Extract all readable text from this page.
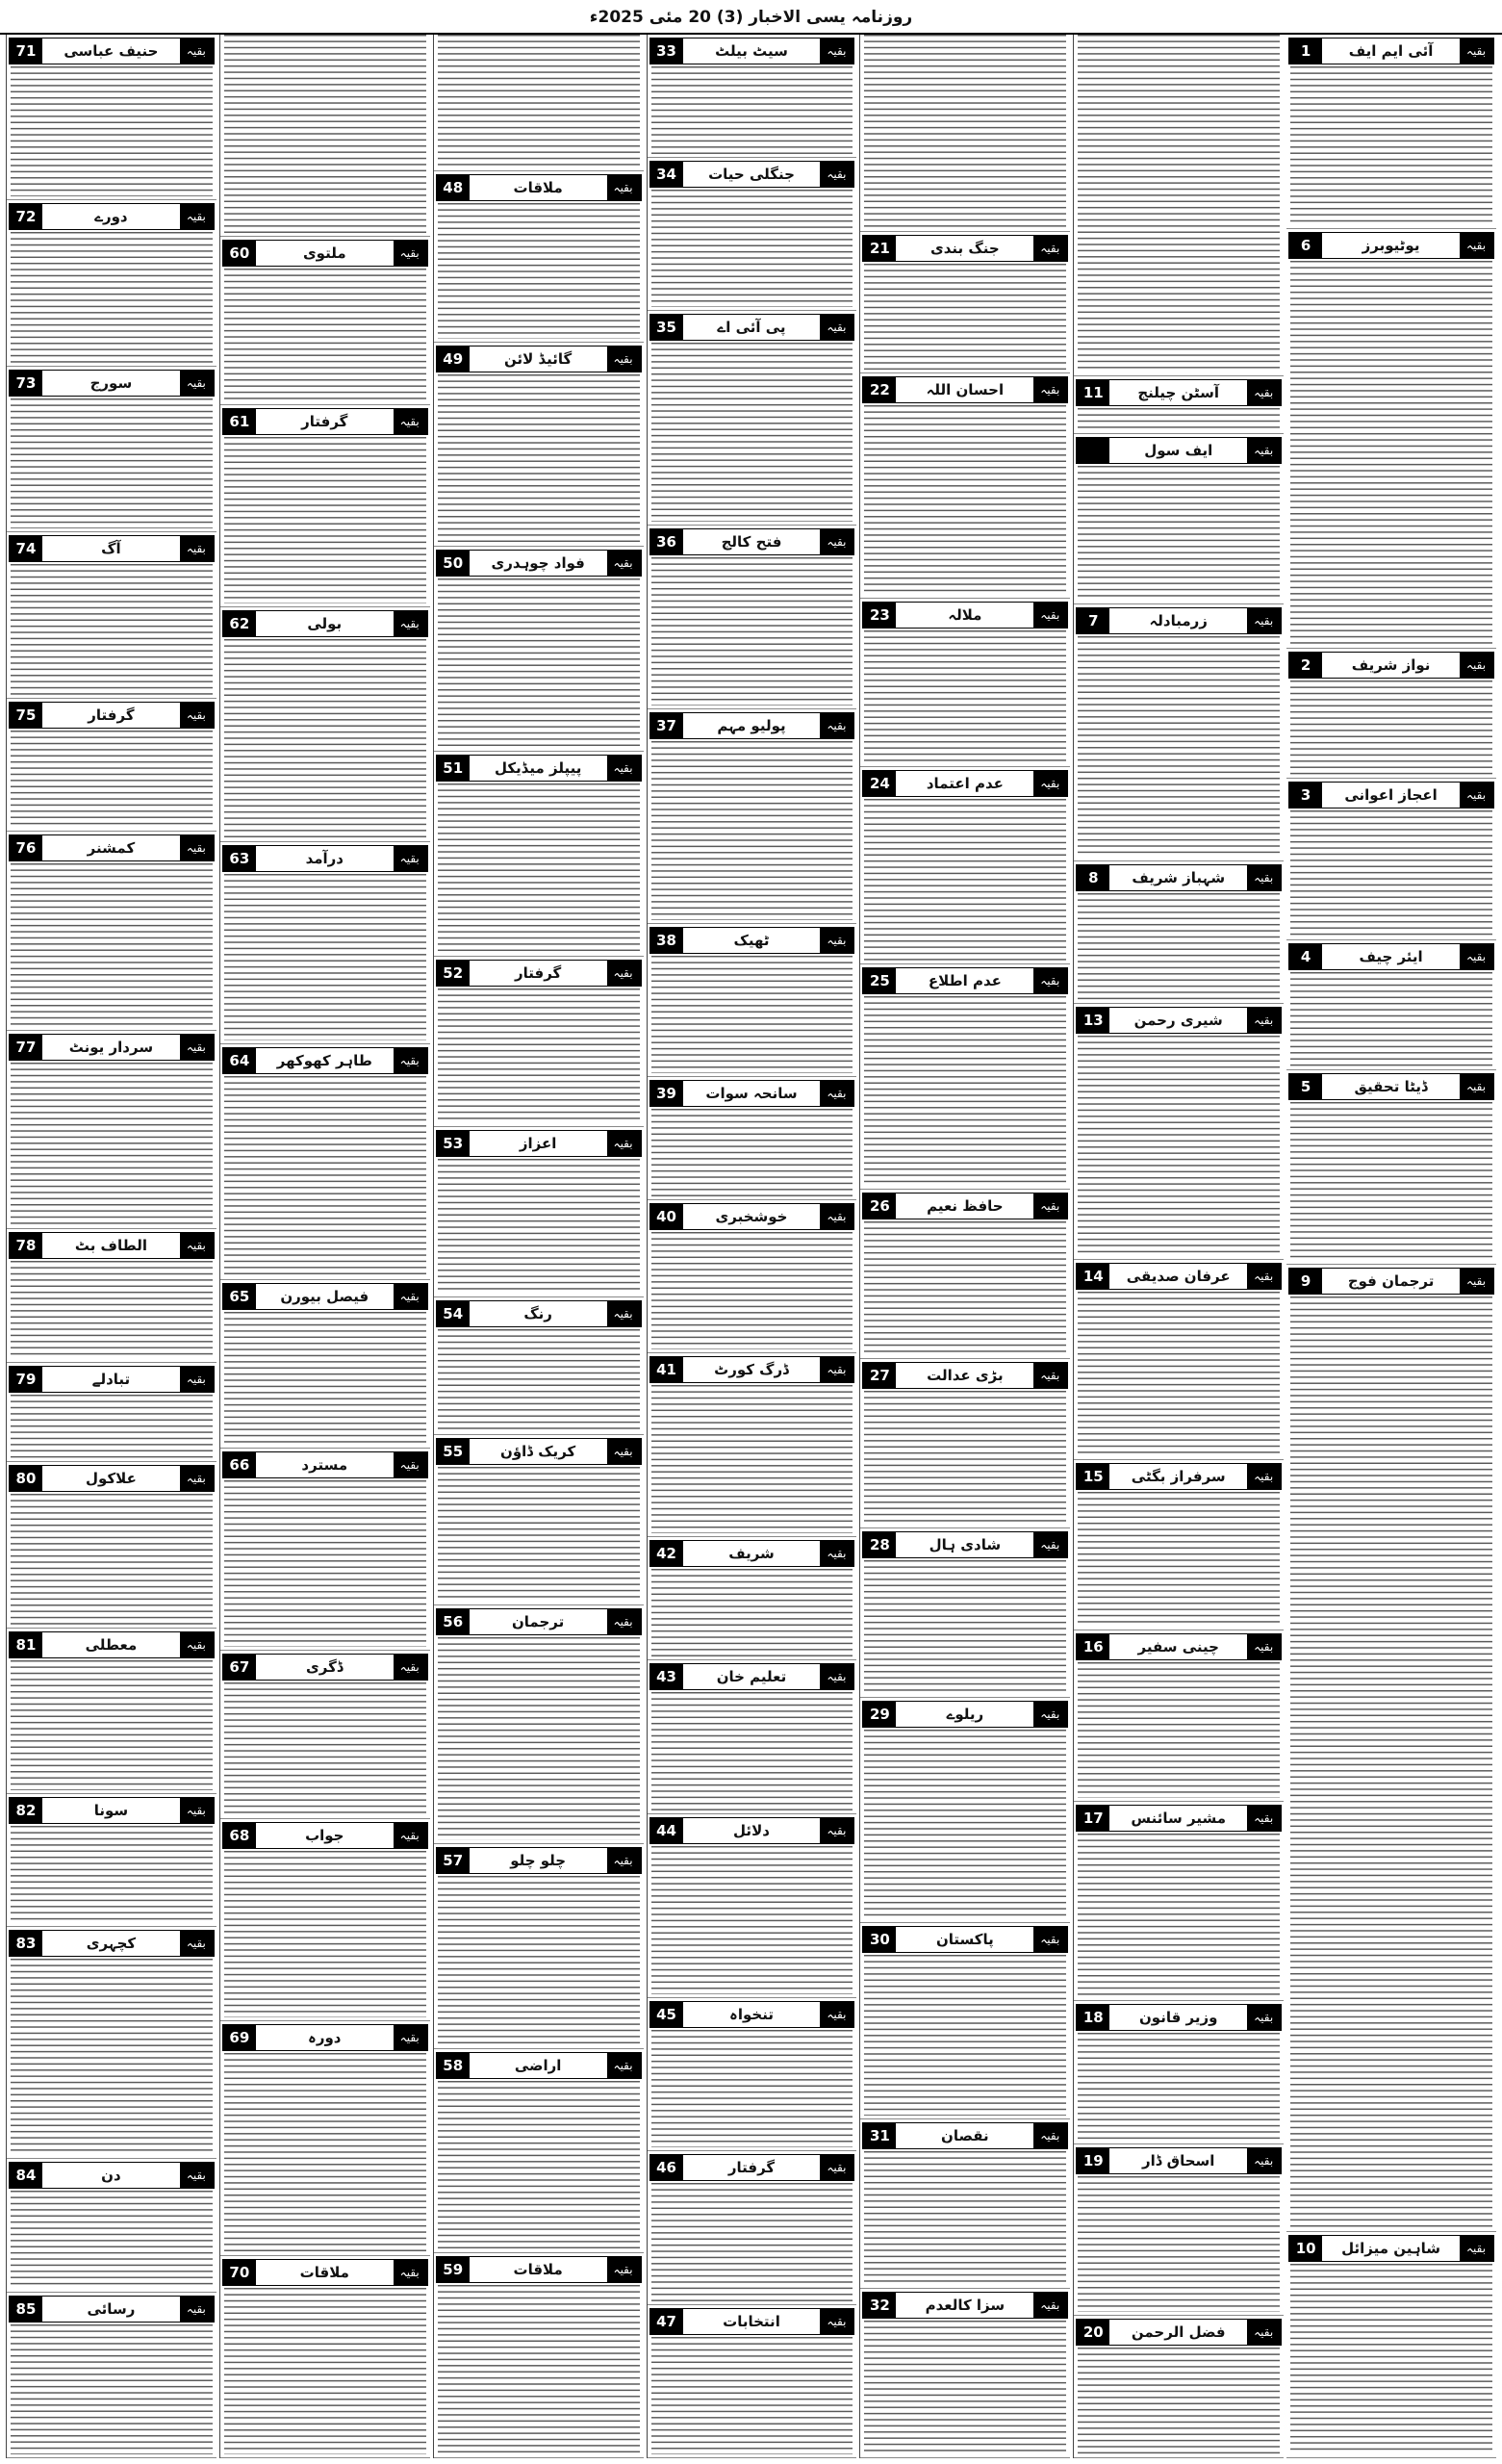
روزنامہ یسی الاخبار (3) 20 مئی 2025ء
بقیہ
آئی ایم ایف
1
بقیہ
یوٹیوبرز
6
بقیہ
نواز شریف
2
بقیہ
اعجاز اعوانی
3
بقیہ
ایئر چیف
4
بقیہ
ڈیٹا تحقیق
5
بقیہ
ترجمان فوج
9
بقیہ
شاہین میزائل
10
بقیہ
آسٹن چیلنج
11
بقیہ
ایف سول
بقیہ
زرمبادلہ
7
بقیہ
شہباز شریف
8
بقیہ
شیری رحمن
13
بقیہ
عرفان صدیقی
14
بقیہ
سرفراز بگٹی
15
بقیہ
چینی سفیر
16
بقیہ
مشیر سائنس
17
بقیہ
وزیر قانون
18
بقیہ
اسحاق ڈار
19
بقیہ
فضل الرحمن
20
بقیہ
جنگ بندی
21
بقیہ
احسان اللہ
22
بقیہ
ملالہ
23
بقیہ
عدم اعتماد
24
بقیہ
عدم اطلاع
25
بقیہ
حافظ نعیم
26
بقیہ
بڑی عدالت
27
بقیہ
شادی ہال
28
بقیہ
ریلوے
29
بقیہ
پاکستان
30
بقیہ
نقصان
31
بقیہ
سزا کالعدم
32
بقیہ
سیٹ بیلٹ
33
بقیہ
جنگلی حیات
34
بقیہ
پی آئی اے
35
بقیہ
فتح کالج
36
بقیہ
پولیو مہم
37
بقیہ
ٹھیک
38
بقیہ
سانحہ سوات
39
بقیہ
خوشخبری
40
بقیہ
ڈرگ کورٹ
41
بقیہ
شریف
42
بقیہ
تعلیم خان
43
بقیہ
دلائل
44
بقیہ
تنخواہ
45
بقیہ
گرفتار
46
بقیہ
انتخابات
47
بقیہ
ملاقات
48
بقیہ
گائیڈ لائن
49
بقیہ
فواد چوہدری
50
بقیہ
پیپلز میڈیکل
51
بقیہ
گرفتار
52
بقیہ
اعزاز
53
بقیہ
رنگ
54
بقیہ
کریک ڈاؤن
55
بقیہ
ترجمان
56
بقیہ
چلو چلو
57
بقیہ
اراضی
58
بقیہ
ملاقات
59
بقیہ
ملتوی
60
بقیہ
گرفتار
61
بقیہ
بولی
62
بقیہ
درآمد
63
بقیہ
طاہر کھوکھر
64
بقیہ
فیصل بیورن
65
بقیہ
مسترد
66
بقیہ
ڈگری
67
بقیہ
جواب
68
بقیہ
دورہ
69
بقیہ
ملاقات
70
بقیہ
حنیف عباسی
71
بقیہ
دورے
72
بقیہ
سورج
73
بقیہ
آگ
74
بقیہ
گرفتار
75
بقیہ
کمشنر
76
بقیہ
سردار یونٹ
77
بقیہ
الطاف بٹ
78
بقیہ
تبادلے
79
بقیہ
علاکول
80
بقیہ
معطلی
81
بقیہ
سونا
82
بقیہ
کچہری
83
بقیہ
دن
84
بقیہ
رسائی
85
